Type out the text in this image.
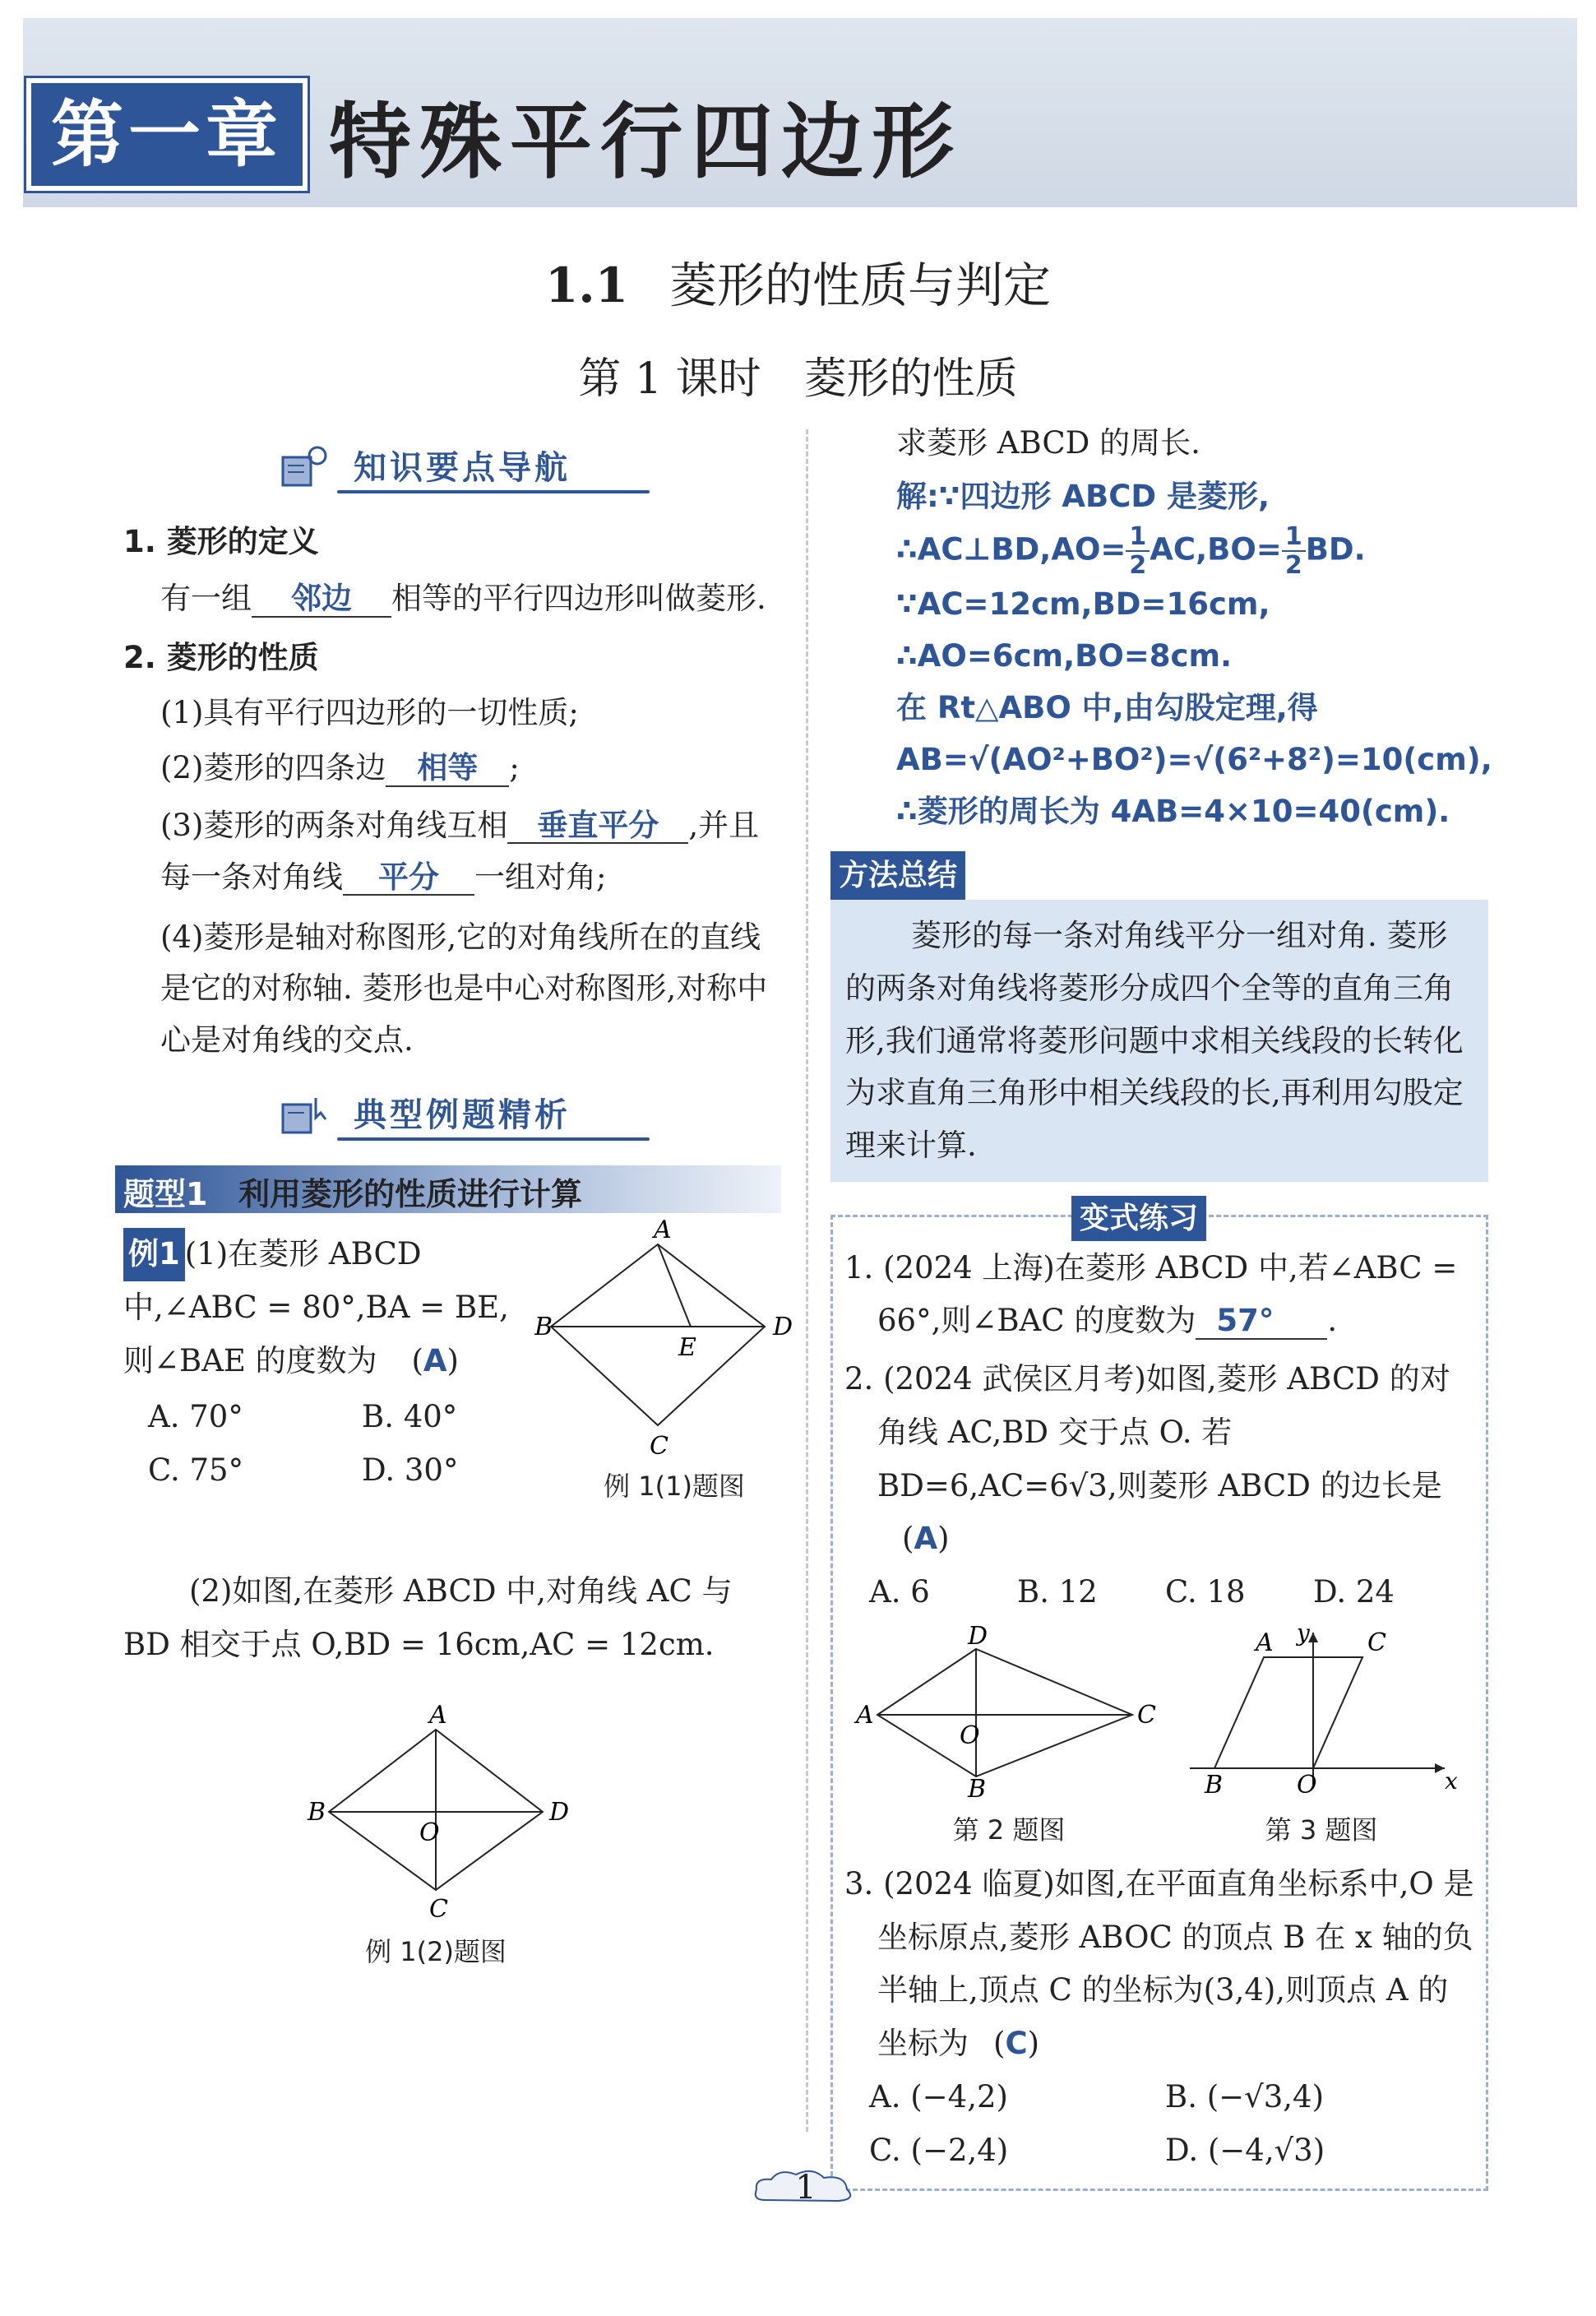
第一章 特殊平行四边形
1.1 菱形的性质与判定
第 1 课时　菱形的性质
知识要点导航

1. 菱形的定义

有一组 邻边 相等的平行四边形叫做菱形.

2. 菱形的性质

(1)具有平行四边形的一切性质;

(2)菱形的四条边 相等 ;

(3)菱形的两条对角线互相 垂直平分 ,并且每一条对角线 平分 一组对角;

(4)菱形是轴对称图形,它的对角线所在的直线是它的对称轴. 菱形也是中心对称图形,对称中心是对角线的交点.

典型例题精析
题型1 利用菱形的性质进行计算
例1 (1)在菱形 ABCD 中,∠ABC = 80°,BA = BE,则∠BAE 的度数为 (A)
A. 70°	B. 40°
C. 75°	D. 30°
A
B	D
E
C
例 1(1)题图

(2)如图,在菱形 ABCD 中,对角线 AC 与 BD 相交于点 O,BD = 16cm,AC = 12cm.

A
B	D
O
C
例 1(2)题图

求菱形 ABCD 的周长.

解:∵四边形 ABCD 是菱形,
∴AC⊥BD,AO= $\frac{1}{2} AC,BO= \frac{1}{2}$ BD.
∵AC=12cm,BD=16cm,
∴AO=6cm,BO=8cm.
在 Rt△ABO 中,由勾股定理,得
AB=√(AO²+BO²)=√(6²+8²)=10(cm),
∴菱形的周长为 4AB=4×10=40(cm).
方法总结

菱形的每一条对角线平分一组对角. 菱形的两条对角线将菱形分成四个全等的直角三角形,我们通常将菱形问题中求相关线段的长转化为求直角三角形中相关线段的长,再利用勾股定理来计算.

变式练习

1. (2024 上海)在菱形 ABCD 中,若∠ABC = 66°,则∠BAC 的度数为 57° .

2. (2024 武侯区月考)如图,菱形 ABCD 的对角线 AC,BD 交于点 O. 若 BD=6,AC=6√3,则菱形 ABCD 的边长是(A)

A. 6	B. 12	C. 18	D. 24
D
A	C
O
B
第 2 题图
A	C
B	O	x
y
第 3 题图

3. (2024 临夏)如图,在平面直角坐标系中,O 是坐标原点,菱形 ABOC 的顶点 B 在 x 轴的负半轴上,顶点 C 的坐标为(3,4),则顶点 A 的坐标为 (C)

A. (−4,2)	B. (−√3,4)
C. (−2,4)	D. (−4,√3)
1
